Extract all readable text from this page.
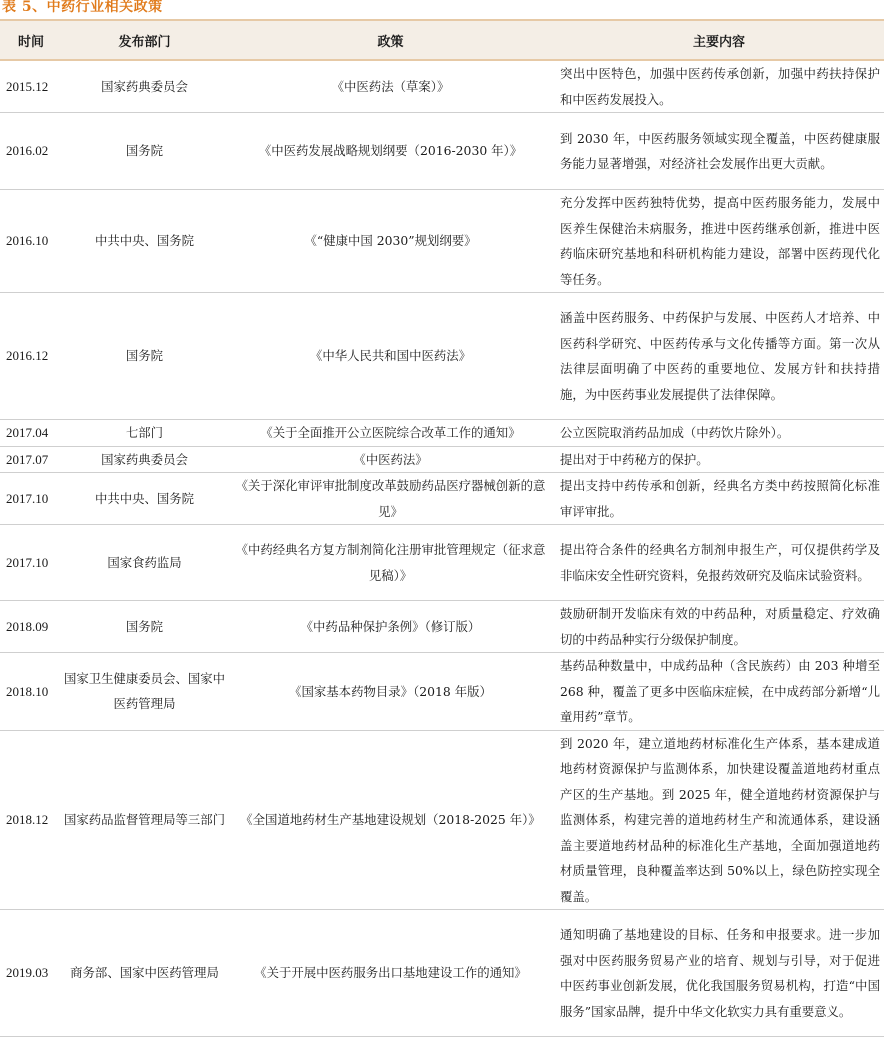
表 5、中药行业相关政策
时间	发布部门	政策	主要内容
2015.12	国家药典委员会	《中医药法（草案）》	突出中医特色，加强中医药传承创新，加强中药扶持保护和中医药发展投入。
2016.02	国务院	《中医药发展战略规划纲要（2016-2030 年）》	到 2030 年，中医药服务领域实现全覆盖，中医药健康服务能力显著增强，对经济社会发展作出更大贡献。
2016.10	中共中央、国务院	《“健康中国 2030”规划纲要》	充分发挥中医药独特优势，提高中医药服务能力，发展中医养生保健治未病服务，推进中医药继承创新，推进中医药临床研究基地和科研机构能力建设，部署中医药现代化等任务。
2016.12	国务院	《中华人民共和国中医药法》	涵盖中医药服务、中药保护与发展、中医药人才培养、中医药科学研究、中医药传承与文化传播等方面。第一次从法律层面明确了中医药的重要地位、发展方针和扶持措施，为中医药事业发展提供了法律保障。
2017.04	七部门	《关于全面推开公立医院综合改革工作的通知》	公立医院取消药品加成（中药饮片除外）。
2017.07	国家药典委员会	《中医药法》	提出对于中药秘方的保护。
2017.10	中共中央、国务院	《关于深化审评审批制度改革鼓励药品医疗器械创新的意见》	提出支持中药传承和创新，经典名方类中药按照简化标准审评审批。
2017.10	国家食药监局	《中药经典名方复方制剂简化注册审批管理规定（征求意见稿）》	提出符合条件的经典名方制剂申报生产，可仅提供药学及非临床安全性研究资料，免报药效研究及临床试验资料。
2018.09	国务院	《中药品种保护条例》（修订版）	鼓励研制开发临床有效的中药品种，对质量稳定、疗效确切的中药品种实行分级保护制度。
2018.10	国家卫生健康委员会、国家中医药管理局	《国家基本药物目录》（2018 年版）	基药品种数量中，中成药品种（含民族药）由 203 种增至 268 种，覆盖了更多中医临床症候，在中成药部分新增“儿童用药”章节。
2018.12	国家药品监督管理局等三部门	《全国道地药材生产基地建设规划（2018-2025 年）》	到 2020 年，建立道地药材标准化生产体系，基本建成道地药材资源保护与监测体系，加快建设覆盖道地药材重点产区的生产基地。到 2025 年，健全道地药材资源保护与监测体系，构建完善的道地药材生产和流通体系，建设涵盖主要道地药材品种的标准化生产基地，全面加强道地药材质量管理，良种覆盖率达到 50%以上，绿色防控实现全覆盖。
2019.03	商务部、国家中医药管理局	《关于开展中医药服务出口基地建设工作的通知》	通知明确了基地建设的目标、任务和申报要求。进一步加强对中医药服务贸易产业的培育、规划与引导，对于促进中医药事业创新发展，优化我国服务贸易机构，打造“中国服务”国家品牌，提升中华文化软实力具有重要意义。
